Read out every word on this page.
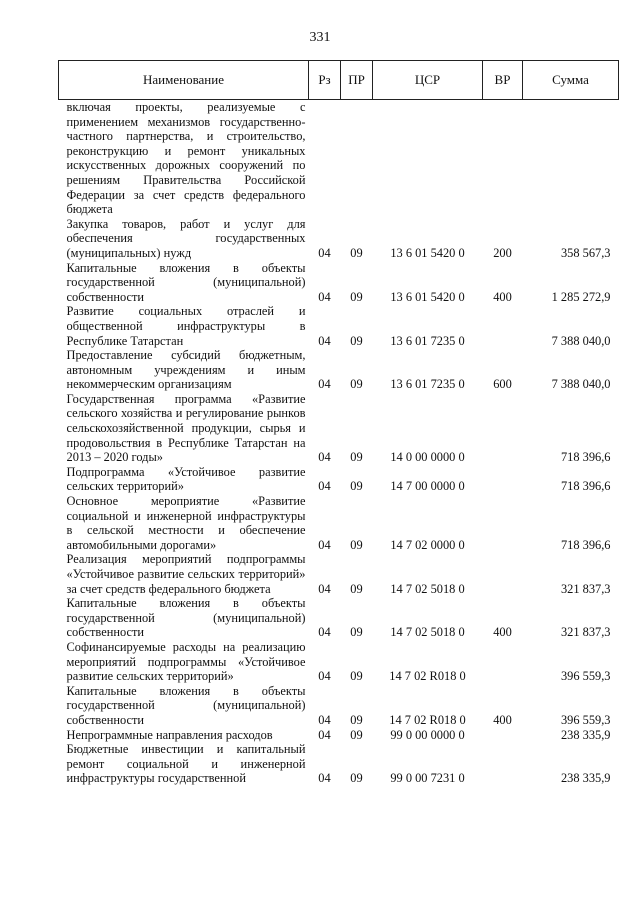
331
Наименование	Рз	ПР	ЦСР	ВР	Сумма
включая проекты, реализуемые с применением механизмов государственно-частного партнерства, и строительство, реконструкцию и ремонт уникальных искусственных дорожных сооружений по решениям Правительства Российской Федерации за счет средств федерального бюджета					
Закупка товаров, работ и услуг для обеспечения государственных (муниципальных) нужд	04	09	13 6 01 5420 0	200	358 567,3
Капитальные вложения в объекты государственной (муниципальной) собственности	04	09	13 6 01 5420 0	400	1 285 272,9
Развитие социальных отраслей и общественной инфраструктуры в Республике Татарстан	04	09	13 6 01 7235 0		7 388 040,0
Предоставление субсидий бюджетным, автономным учреждениям и иным некоммерческим организациям	04	09	13 6 01 7235 0	600	7 388 040,0
Государственная программа «Развитие сельского хозяйства и регулирование рынков сельскохозяйственной продукции, сырья и продовольствия в Республике Татарстан на 2013 – 2020 годы»	04	09	14 0 00 0000 0		718 396,6
Подпрограмма «Устойчивое развитие сельских территорий»	04	09	14 7 00 0000 0		718 396,6
Основное мероприятие «Развитие социальной и инженерной инфраструктуры в сельской местности и обеспечение автомобильными дорогами»	04	09	14 7 02 0000 0		718 396,6
Реализация мероприятий подпрограммы «Устойчивое развитие сельских территорий» за счет средств федерального бюджета	04	09	14 7 02 5018 0		321 837,3
Капитальные вложения в объекты государственной (муниципальной) собственности	04	09	14 7 02 5018 0	400	321 837,3
Софинансируемые расходы на реализацию мероприятий подпрограммы «Устойчивое развитие сельских территорий»	04	09	14 7 02 R018 0		396 559,3
Капитальные вложения в объекты государственной (муниципальной) собственности	04	09	14 7 02 R018 0	400	396 559,3
Непрограммные направления расходов	04	09	99 0 00 0000 0		238 335,9
Бюджетные инвестиции и капитальный ремонт социальной и инженерной инфраструктуры государственной	04	09	99 0 00 7231 0		238 335,9
